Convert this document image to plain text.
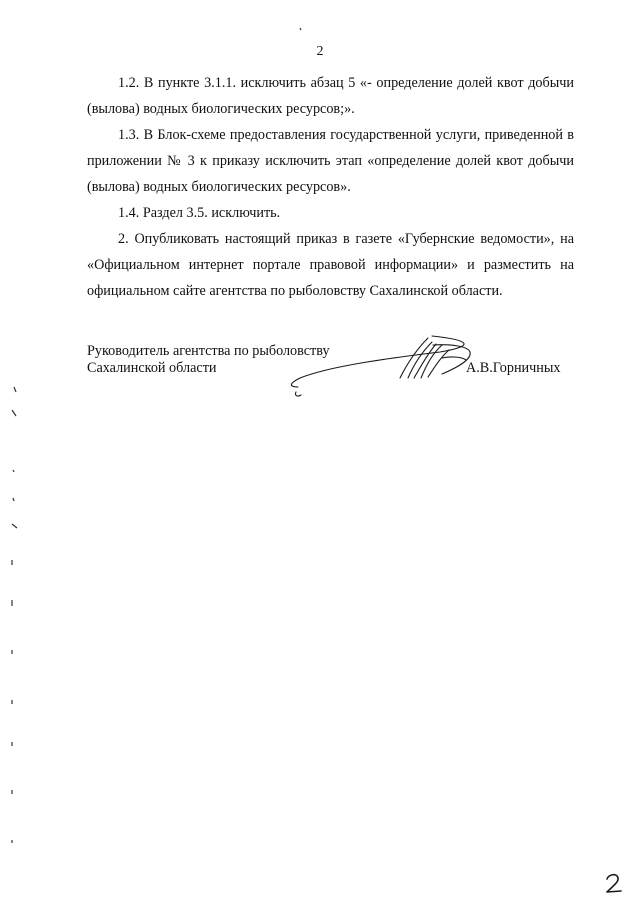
2

1.2. В пункте 3.1.1. исключить абзац 5 «- определение долей квот добычи (вылова) водных биологических ресурсов;».

1.3. В Блок-схеме предоставления государственной услуги, приведенной в приложении № 3 к приказу исключить этап «определение долей квот добычи (вылова) водных биологических ресурсов».

1.4. Раздел 3.5. исключить.

2. Опубликовать настоящий приказ в газете «Губернские ведомости», на «Официальном интернет портале правовой информации» и разместить на официальном сайте агентства по рыболовству Сахалинской области.

Руководитель агентства по рыболовству
Сахалинской области	А.В.Горничных
